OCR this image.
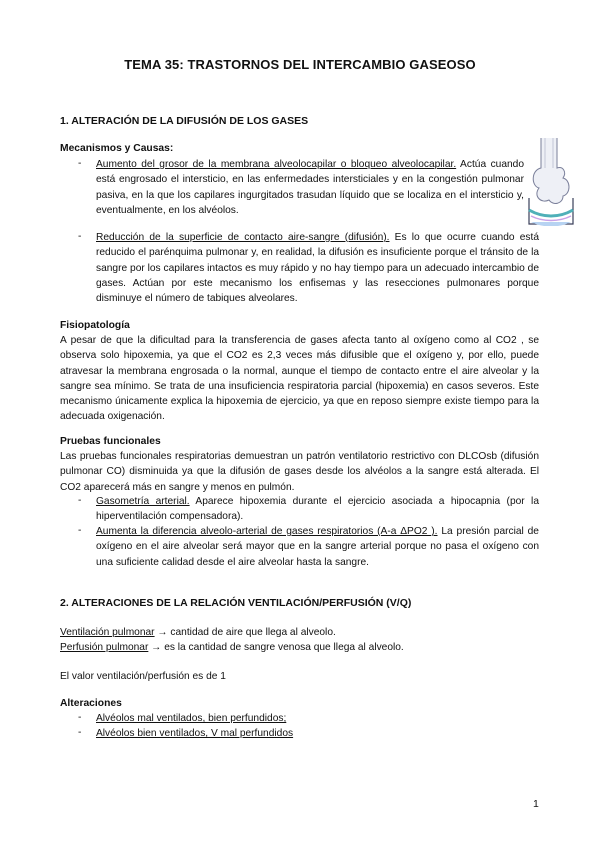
TEMA 35: TRASTORNOS DEL INTERCAMBIO GASEOSO
1. ALTERACIÓN DE LA DIFUSIÓN DE LOS GASES
Mecanismos y Causas:
- Aumento del grosor de la membrana alveolocapilar o bloqueo alveolocapilar. Actúa cuando está engrosado el intersticio, en las enfermedades intersticiales y en la congestión pulmonar pasiva, en la que los capilares ingurgitados trasudan líquido que se localiza en el intersticio y, eventualmente, en los alvéolos.
- Reducción de la superficie de contacto aire-sangre (difusión). Es lo que ocurre cuando está reducido el parénquima pulmonar y, en realidad, la difusión es insuficiente porque el tránsito de la sangre por los capilares intactos es muy rápido y no hay tiempo para un adecuado intercambio de gases. Actúan por este mecanismo los enfisemas y las resecciones pulmonares porque disminuye el número de tabiques alveolares.
Fisiopatología
A pesar de que la dificultad para la transferencia de gases afecta tanto al oxígeno como al CO2 , se observa solo hipoxemia, ya que el CO2 es 2,3 veces más difusible que el oxígeno y, por ello, puede atravesar la membrana engrosada o la normal, aunque el tiempo de contacto entre el aire alveolar y la sangre sea mínimo. Se trata de una insuficiencia respiratoria parcial (hipoxemia) en casos severos. Este mecanismo únicamente explica la hipoxemia de ejercicio, ya que en reposo siempre existe tiempo para la adecuada oxigenación.
Pruebas funcionales
Las pruebas funcionales respiratorias demuestran un patrón ventilatorio restrictivo con DLCOsb (difusión pulmonar CO) disminuida ya que la difusión de gases desde los alvéolos a la sangre está alterada. El CO2 aparecerá más en sangre y menos en pulmón.
- Gasometría arterial. Aparece hipoxemia durante el ejercicio asociada a hipocapnia (por la hiperventilación compensadora).
- Aumenta la diferencia alveolo-arterial de gases respiratorios (A-a ΔPO2 ). La presión parcial de oxígeno en el aire alveolar será mayor que en la sangre arterial porque no pasa el oxígeno con una suficiente calidad desde el aire alveolar hasta la sangre.
2. ALTERACIONES DE LA RELACIÓN VENTILACIÓN/PERFUSIÓN (V/Q)
Ventilación pulmonar → cantidad de aire que llega al alveolo.
Perfusión pulmonar → es la cantidad de sangre venosa que llega al alveolo.
El valor ventilación/perfusión es de 1
Alteraciones
- Alvéolos mal ventilados, bien perfundidos;
- Alvéolos bien ventilados, V mal perfundidos
1
